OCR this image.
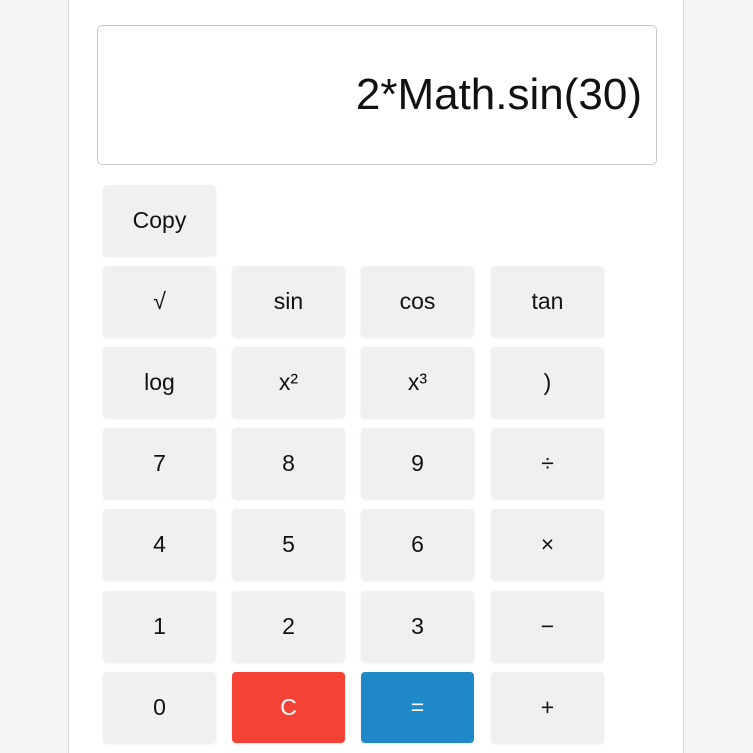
2*Math.sin(30)
Copy
√	sin	cos	tan
log	x²	x³	)
7	8	9	÷
4	5	6	×
1	2	3	−
0	C	=	+
